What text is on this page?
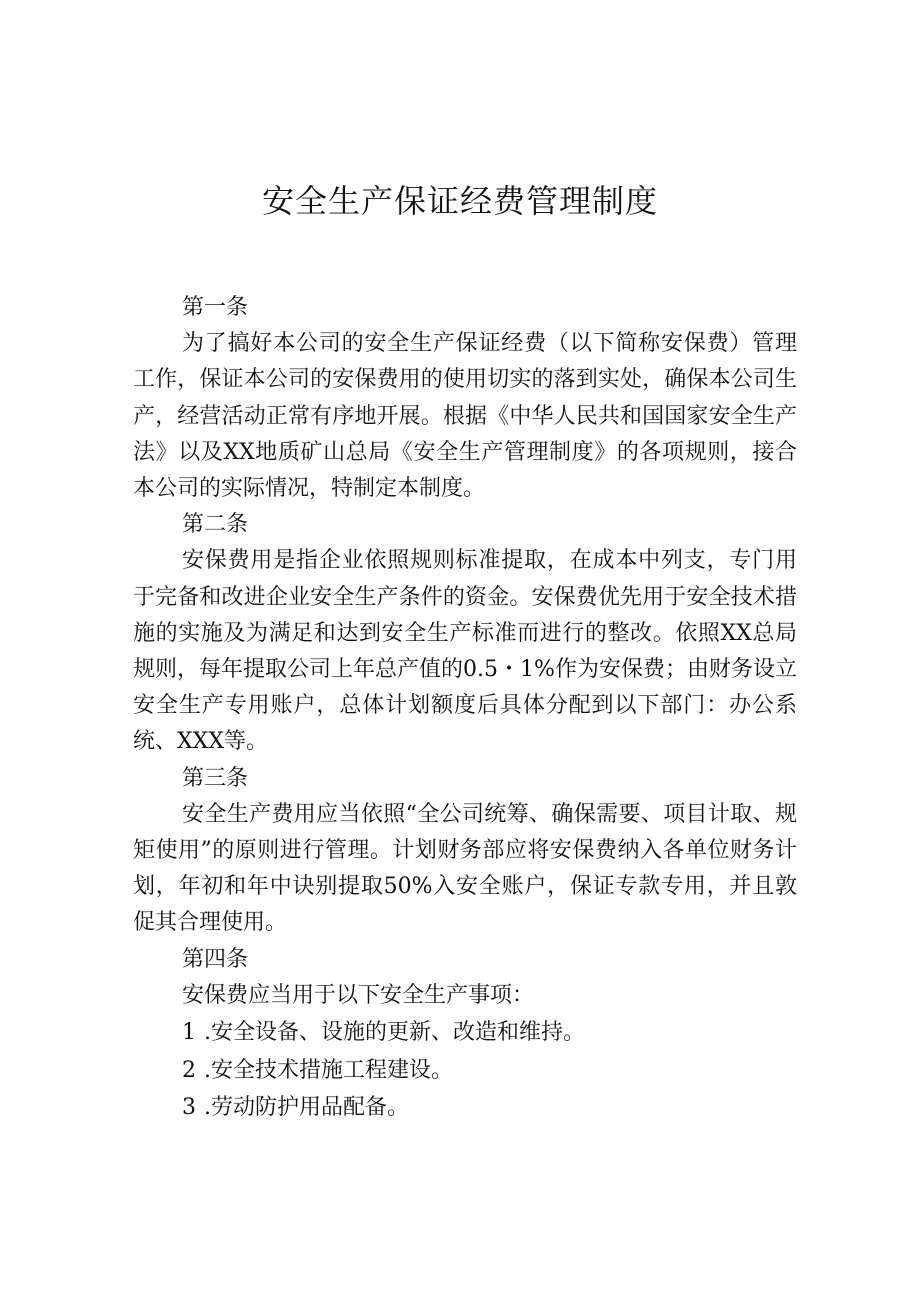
安全生产保证经费管理制度

第一条

为了搞好本公司的安全生产保证经费（以下简称安保费）管理工作，保证本公司的安保费用的使用切实的落到实处，确保本公司生产，经营活动正常有序地开展。根据《中华人民共和国国家安全生产法》以及XX地质矿山总局《安全生产管理制度》的各项规则，接合本公司的实际情况，特制定本制度。

第二条

安保费用是指企业依照规则标准提取，在成本中列支，专门用于完备和改进企业安全生产条件的资金。安保费优先用于安全技术措施的实施及为满足和达到安全生产标准而进行的整改。依照XX总局规则，每年提取公司上年总产值的0.5・1%作为安保费；由财务设立安全生产专用账户，总体计划额度后具体分配到以下部门：办公系统、XXX等。

第三条

安全生产费用应当依照“全公司统筹、确保需要、项目计取、规矩使用”的原则进行管理。计划财务部应将安保费纳入各单位财务计划，年初和年中诀别提取50%入安全账户，保证专款专用，并且敦促其合理使用。

第四条

安保费应当用于以下安全生产事项：

1 .安全设备、设施的更新、改造和维持。

2 .安全技术措施工程建设。

3 .劳动防护用品配备。
